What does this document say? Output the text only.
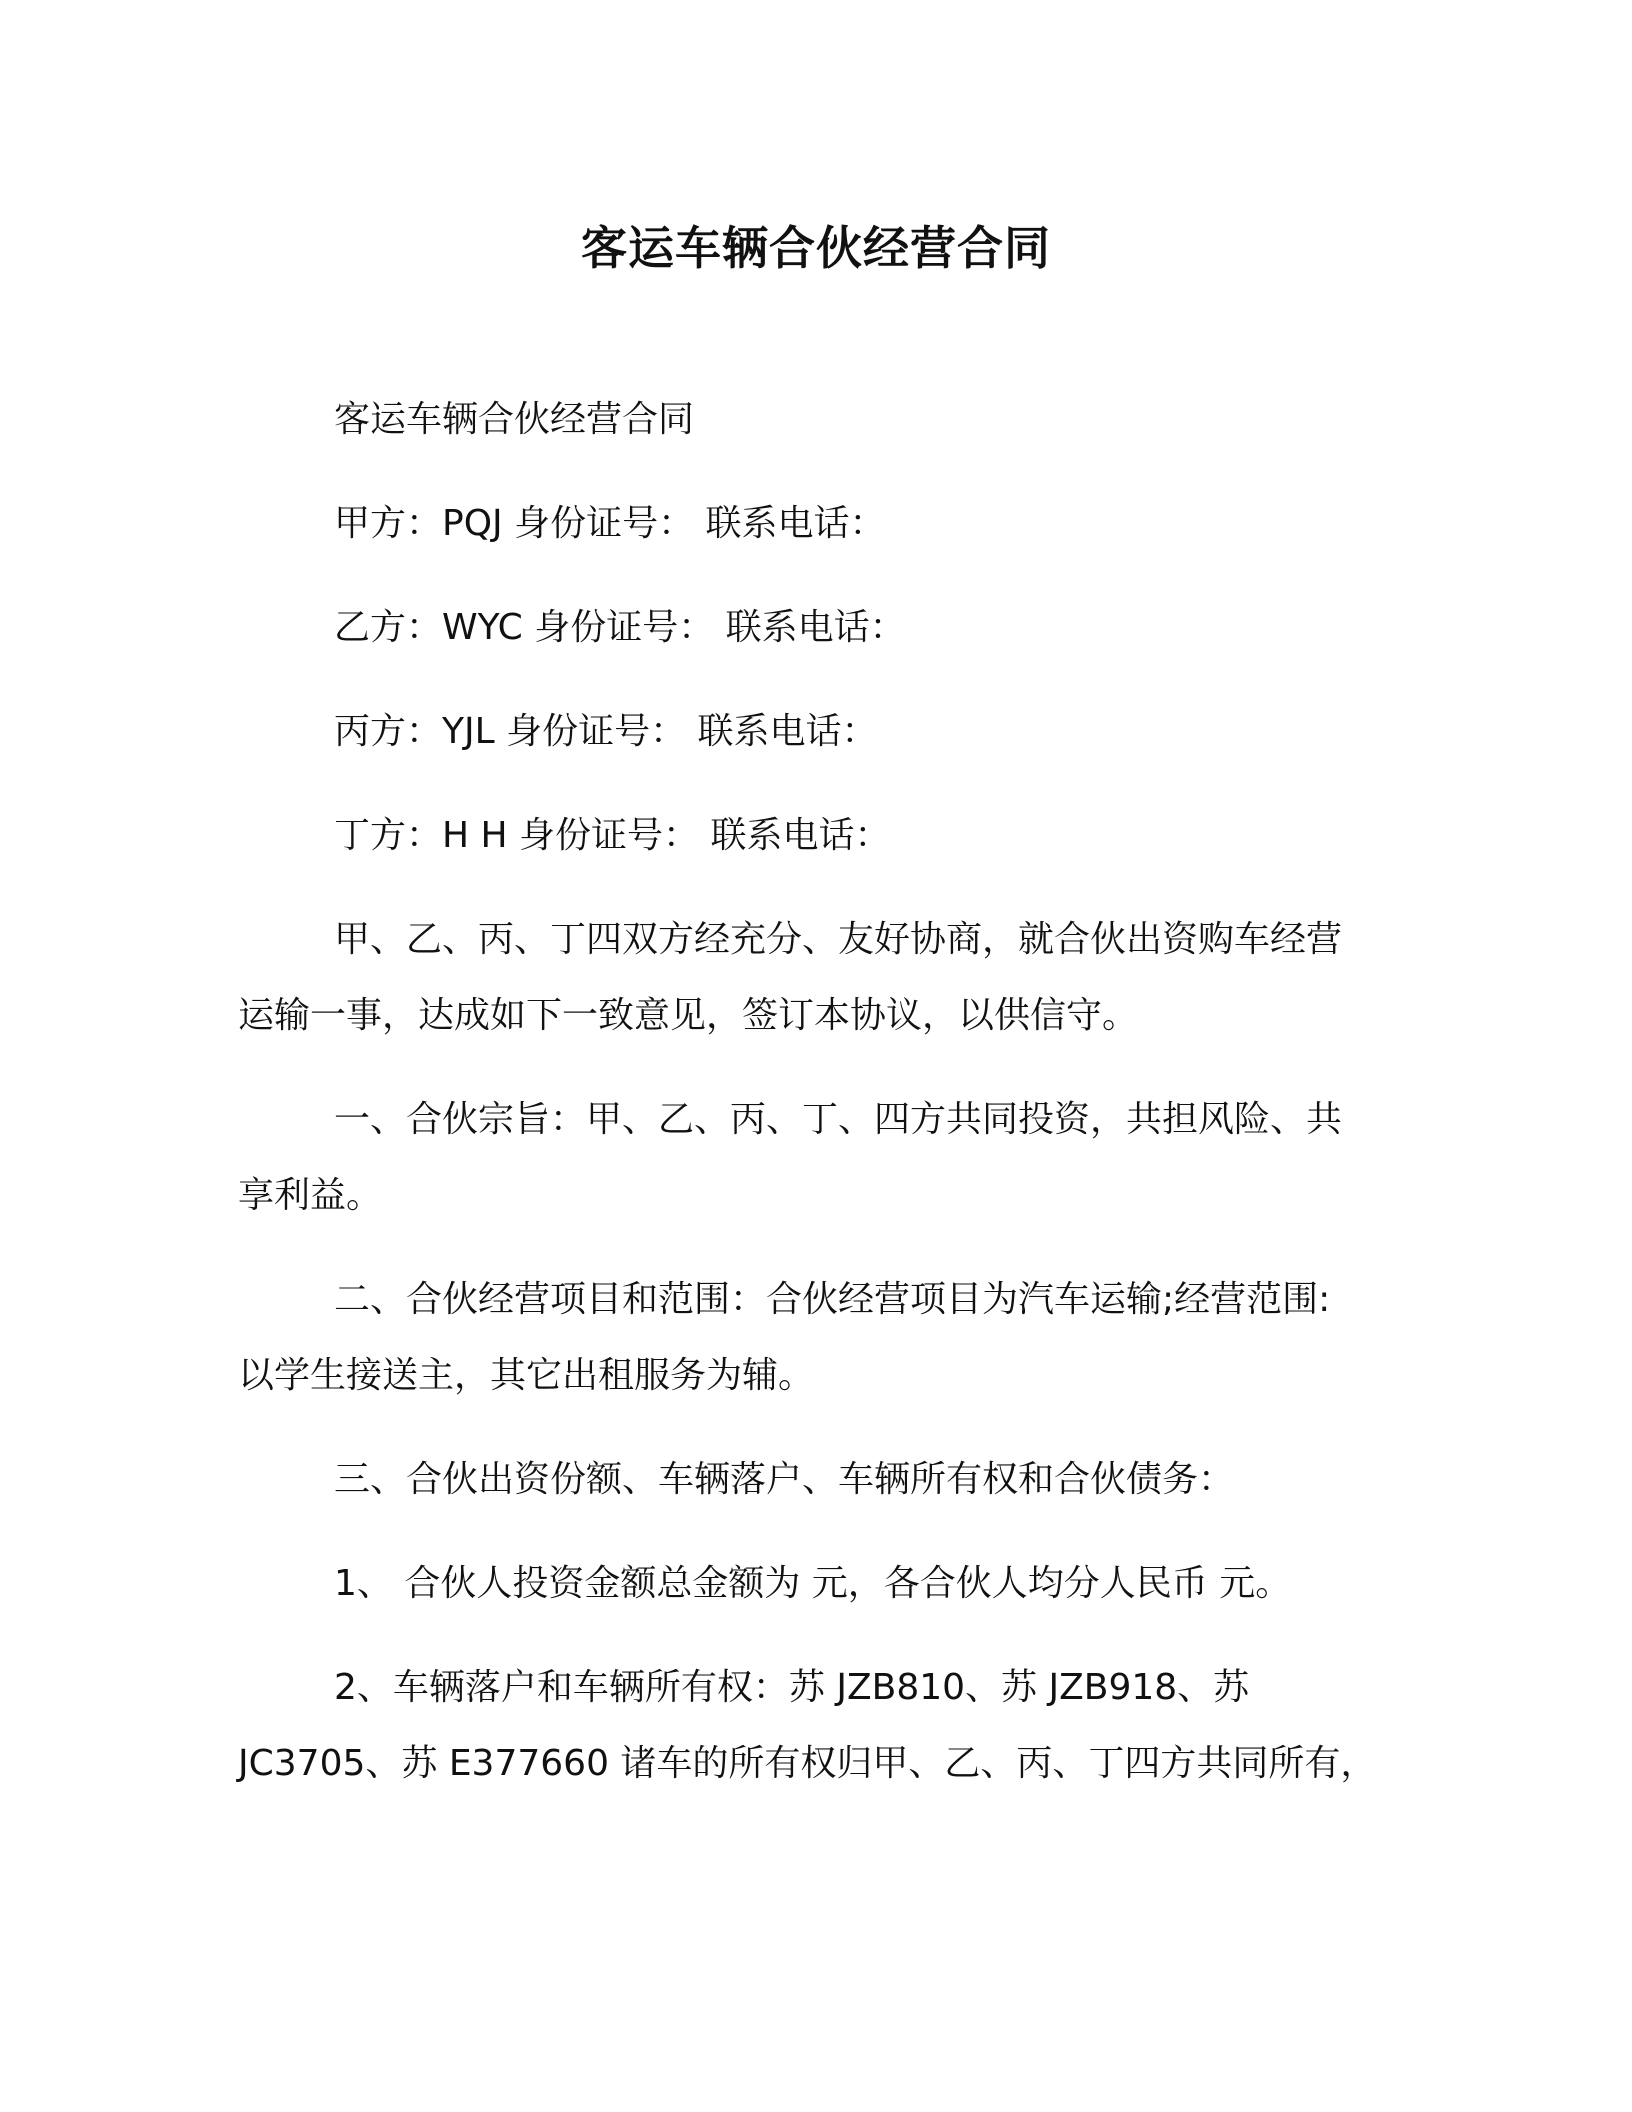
客运车辆合伙经营合同
客运车辆合伙经营合同
甲方：PQJ 身份证号： 联系电话：
乙方：WYC 身份证号： 联系电话：
丙方：YJL 身份证号： 联系电话：
丁方：H H 身份证号： 联系电话：
甲、乙、丙、丁四双方经充分、友好协商，就合伙出资购车经营
运输一事，达成如下一致意见，签订本协议，以供信守。
一、合伙宗旨：甲、乙、丙、丁、四方共同投资，共担风险、共
享利益。
二、合伙经营项目和范围：合伙经营项目为汽车运输;经营范围:
以学生接送主，其它出租服务为辅。
三、合伙出资份额、车辆落户、车辆所有权和合伙债务：
1、 合伙人投资金额总金额为 元，各合伙人均分人民币 元。
2、车辆落户和车辆所有权：苏 JZB810、苏 JZB918、苏
JC3705、苏 E377660 诸车的所有权归甲、乙、丙、丁四方共同所有，
